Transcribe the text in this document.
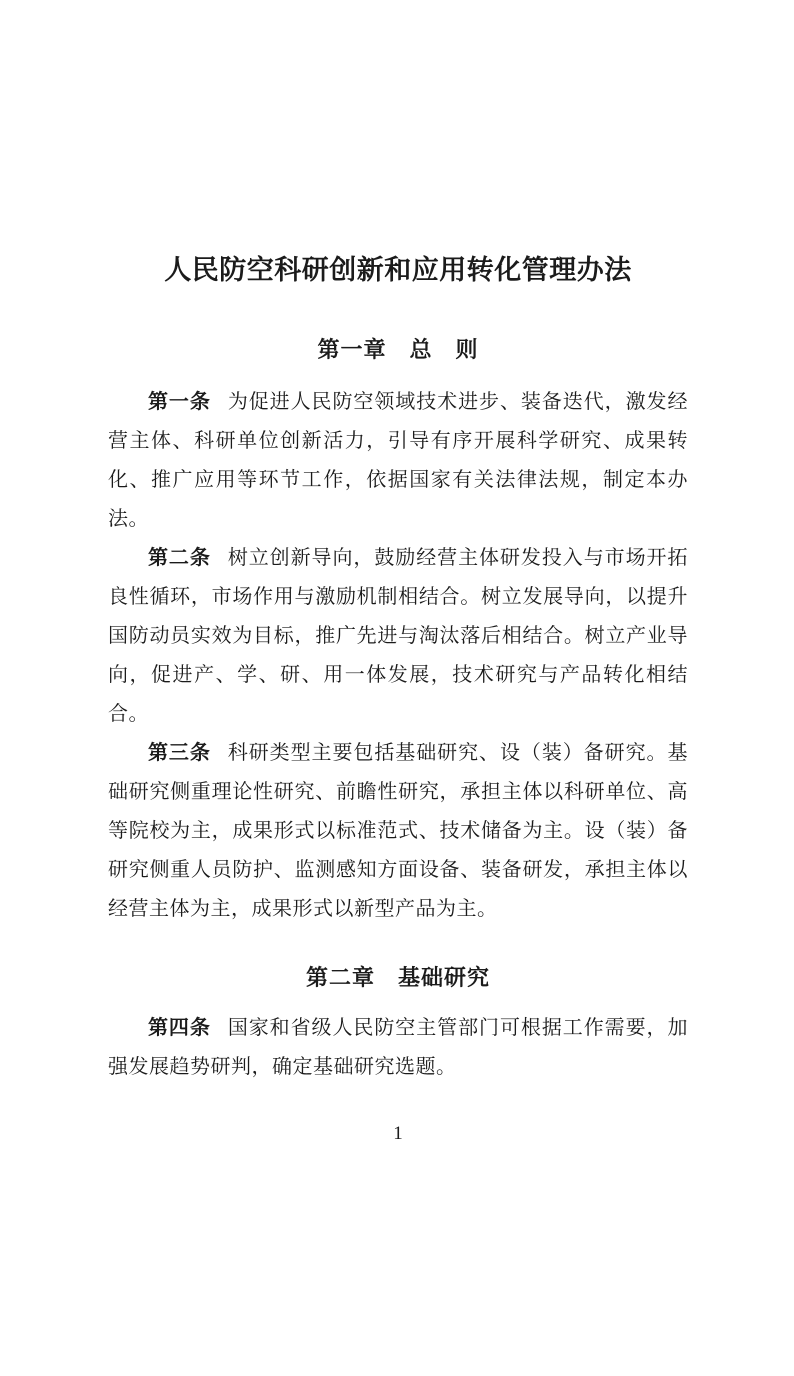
人民防空科研创新和应用转化管理办法
第一章　总　则

第一条 为促进人民防空领域技术进步、装备迭代，激发经营主体、科研单位创新活力，引导有序开展科学研究、成果转化、推广应用等环节工作，依据国家有关法律法规，制定本办法。

第二条 树立创新导向，鼓励经营主体研发投入与市场开拓良性循环，市场作用与激励机制相结合。树立发展导向，以提升国防动员实效为目标，推广先进与淘汰落后相结合。树立产业导向，促进产、学、研、用一体发展，技术研究与产品转化相结合。

第三条 科研类型主要包括基础研究、设（装）备研究。基础研究侧重理论性研究、前瞻性研究，承担主体以科研单位、高等院校为主，成果形式以标准范式、技术储备为主。设（装）备研究侧重人员防护、监测感知方面设备、装备研发，承担主体以经营主体为主，成果形式以新型产品为主。

第二章　基础研究

第四条 国家和省级人民防空主管部门可根据工作需要，加强发展趋势研判，确定基础研究选题。

1
